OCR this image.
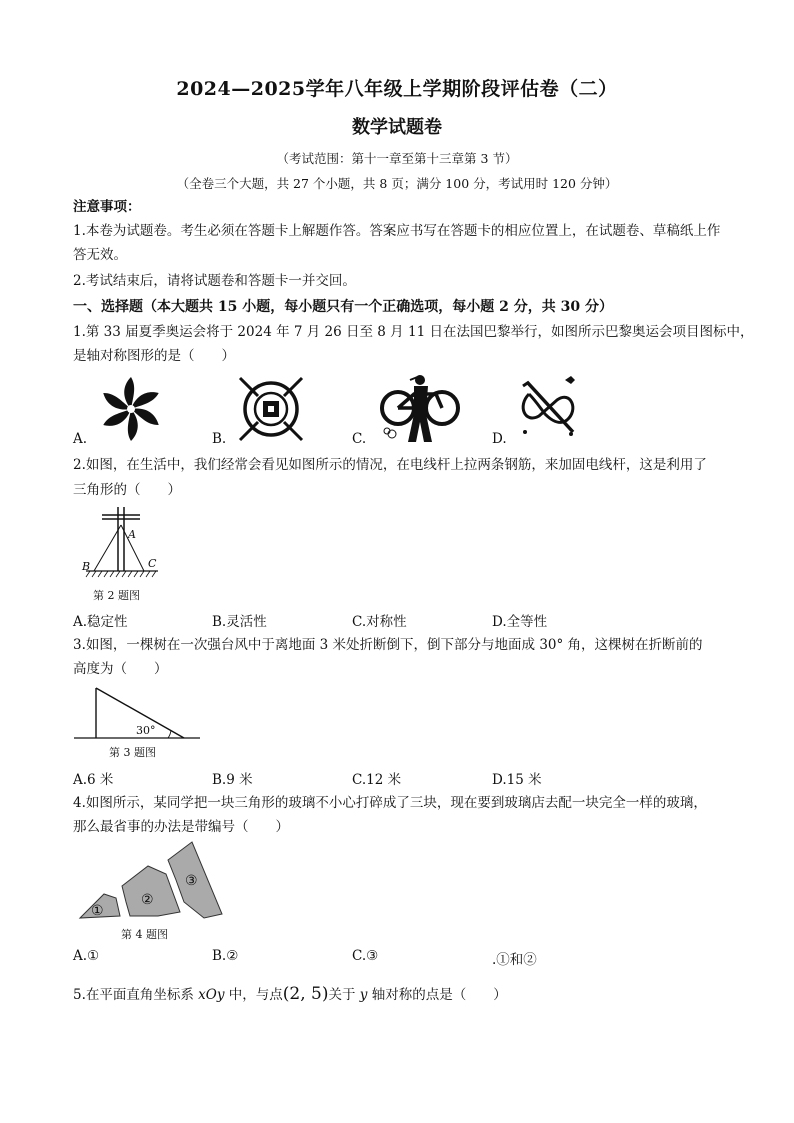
2024—2025学年八年级上学期阶段评估卷（二）
数学试题卷
（考试范围：第十一章至第十三章第 3 节）
（全卷三个大题，共 27 个小题，共 8 页；满分 100 分，考试用时 120 分钟）
注意事项：
1.本卷为试题卷。考生必须在答题卡上解题作答。答案应书写在答题卡的相应位置上，在试题卷、草稿纸上作答无效。
2.考试结束后，请将试题卷和答题卡一并交回。
一、选择题（本大题共 15 小题，每小题只有一个正确选项，每小题 2 分，共 30 分）
1.第 33 届夏季奥运会将于 2024 年 7 月 26 日至 8 月 11 日在法国巴黎举行，如图所示巴黎奥运会项目图标中，
是轴对称图形的是（　　）
A.	B.	C.	D.
2.如图，在生活中，我们经常会看见如图所示的情况，在电线杆上拉两条钢筋，来加固电线杆，这是利用了
三角形的（　　）
A
B	C
第 2 题图
A.稳定性	B.灵活性	C.对称性	D.全等性
3.如图，一棵树在一次强台风中于离地面 3 米处折断倒下，倒下部分与地面成 30° 角，这棵树在折断前的
高度为（　　）
30°
第 3 题图
A.6 米	B.9 米	C.12 米	D.15 米
4.如图所示，某同学把一块三角形的玻璃不小心打碎成了三块，现在要到玻璃店去配一块完全一样的玻璃，
那么最省事的办法是带编号（　　）
①
②
③
第 4 题图
A.①	B.②	C.③	.①和②
5.在平面直角坐标系 xOy 中，与点(2, 5)关于 y 轴对称的点是（　　）
